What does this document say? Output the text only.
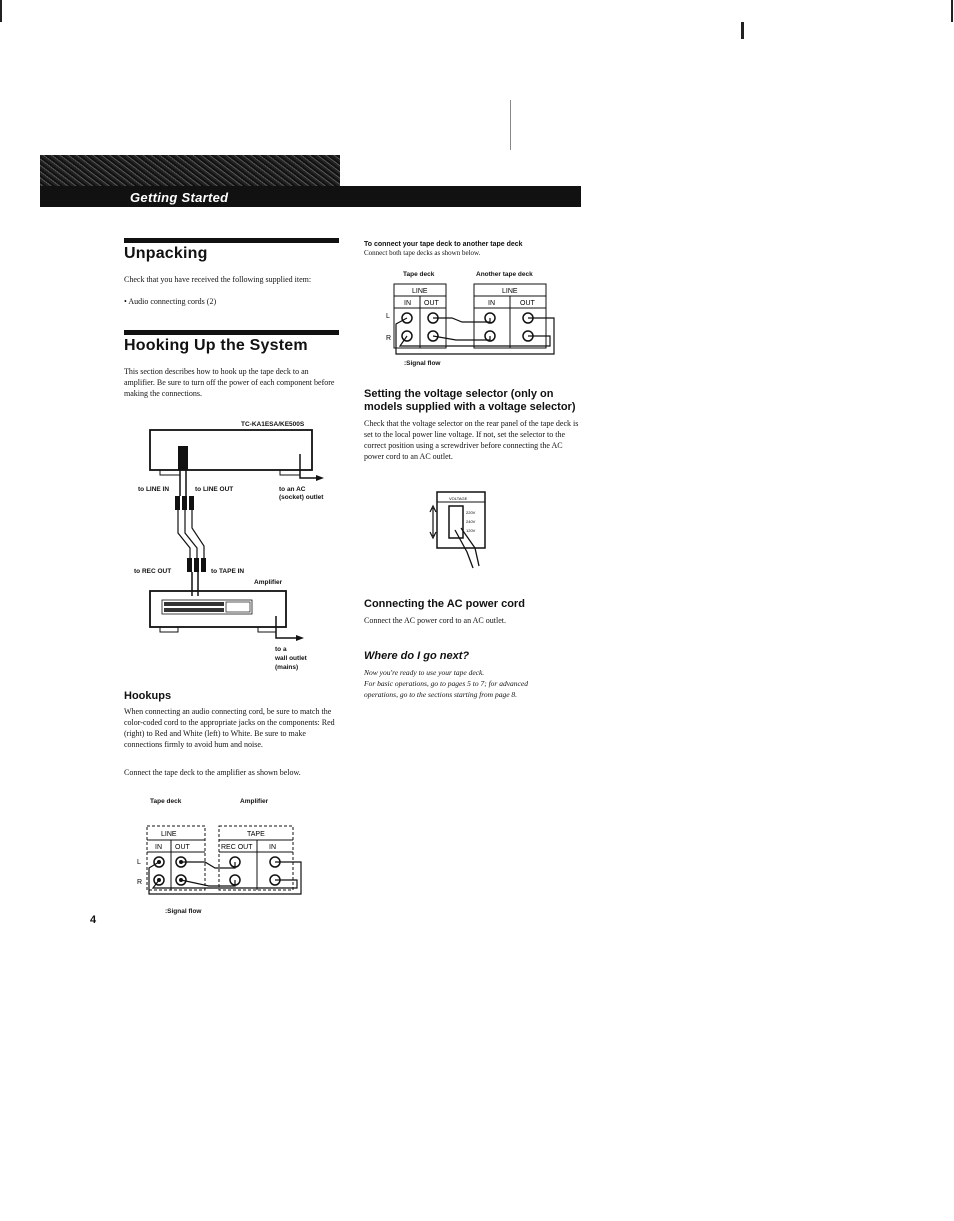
Getting Started
Unpacking

Check that you have received the following supplied item:

• Audio connecting cords (2)

Hooking Up the System

This section describes how to hook up the tape deck to an amplifier. Be sure to turn off the power of each component before making the connections.

TC-KA1ESA/KE500S
to LINE IN	to LINE OUT	to an AC
(socket) outlet
to REC OUT	to TAPE IN
Amplifier
to a
wall outlet
(mains)
Hookups

When connecting an audio connecting cord, be sure to match the color-coded cord to the appropriate jacks on the components: Red (right) to Red and White (left) to White. Be sure to make connections firmly to avoid hum and noise.

Connect the tape deck to the amplifier as shown below.

Tape deck	Amplifier
LINE
IN OUT
L
R
TAPE
REC OUT IN
:Signal flow
4
To connect your tape deck to another tape deck

Connect both tape decks as shown below.

Tape deck	Another tape deck
LINE
IN OUT
L
R
LINE
IN	OUT
:Signal flow
Setting the voltage selector (only on
models supplied with a voltage selector)

Check that the voltage selector on the rear panel of the tape deck is set to the local power line voltage. If not, set the selector to the correct position using a screwdriver before connecting the AC power cord to an AC outlet.

VOLTAGE
220V
240V
120V
Connecting the AC power cord

Connect the AC power cord to an AC outlet.

Where do I go next?

Now you're ready to use your tape deck.

For basic operations, go to pages 5 to 7; for advanced

operations, go to the sections starting from page 8.
